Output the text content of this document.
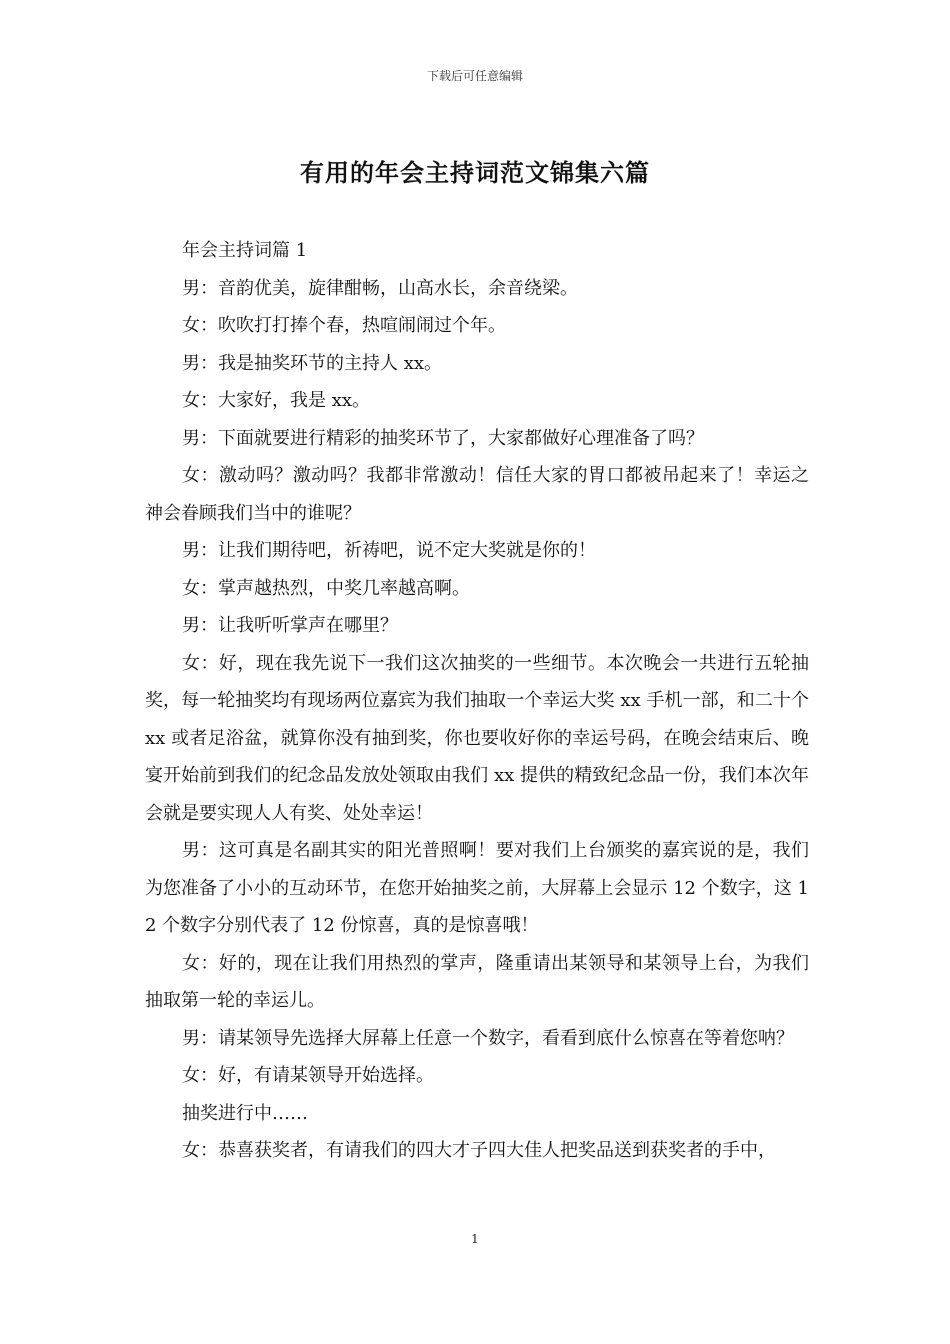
下载后可任意编辑
有用的年会主持词范文锦集六篇

年会主持词篇 1

男：音韵优美，旋律酣畅，山高水长，余音绕梁。

女：吹吹打打捧个春，热喧闹闹过个年。

男：我是抽奖环节的主持人 xx。

女：大家好，我是 xx。

男：下面就要进行精彩的抽奖环节了，大家都做好心理准备了吗？

女：激动吗？激动吗？我都非常激动！信任大家的胃口都被吊起来了！幸运之神会眷顾我们当中的谁呢？

男：让我们期待吧，祈祷吧，说不定大奖就是你的！

女：掌声越热烈，中奖几率越高啊。

男：让我听听掌声在哪里？

女：好，现在我先说下一我们这次抽奖的一些细节。本次晚会一共进行五轮抽奖，每一轮抽奖均有现场两位嘉宾为我们抽取一个幸运大奖 xx 手机一部，和二十个 xx 或者足浴盆，就算你没有抽到奖，你也要收好你的幸运号码，在晚会结束后、晚宴开始前到我们的纪念品发放处领取由我们 xx 提供的精致纪念品一份，我们本次年会就是要实现人人有奖、处处幸运！

男：这可真是名副其实的阳光普照啊！要对我们上台颁奖的嘉宾说的是，我们为您准备了小小的互动环节，在您开始抽奖之前，大屏幕上会显示 12 个数字，这 12 个数字分别代表了 12 份惊喜，真的是惊喜哦！

女：好的，现在让我们用热烈的掌声，隆重请出某领导和某领导上台，为我们抽取第一轮的幸运儿。

男：请某领导先选择大屏幕上任意一个数字，看看到底什么惊喜在等着您呐？

女：好，有请某领导开始选择。

抽奖进行中……

女：恭喜获奖者，有请我们的四大才子四大佳人把奖品送到获奖者的手中，

1
